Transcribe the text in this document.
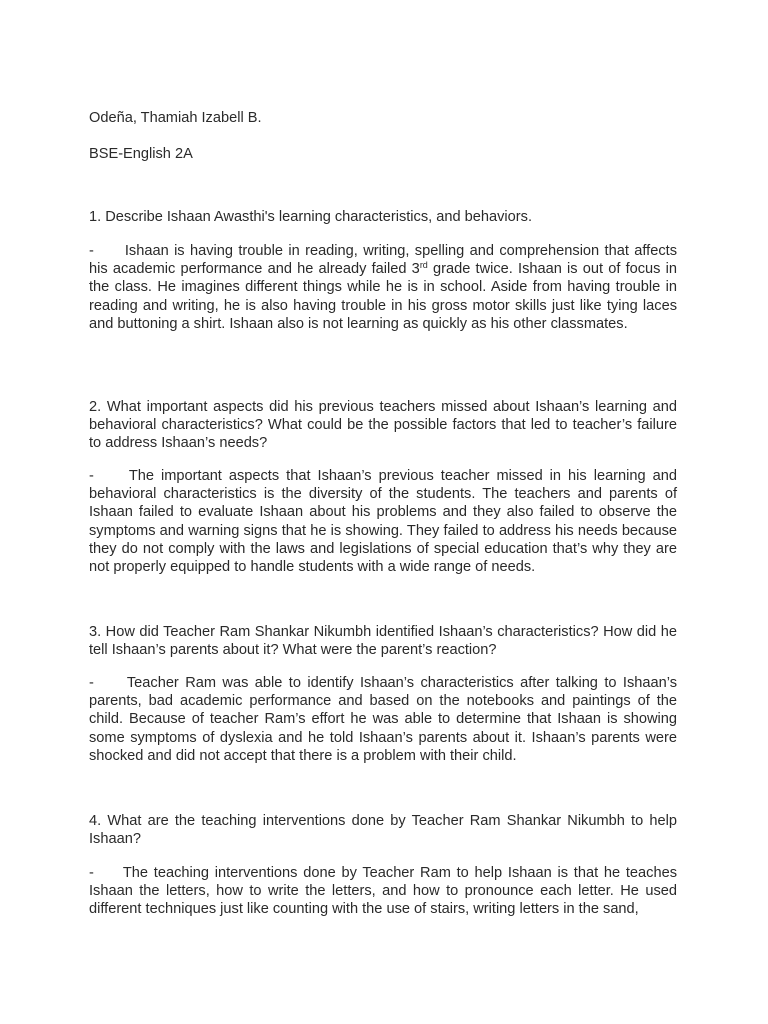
Odeña, Thamiah Izabell B.
BSE-English 2A
1. Describe Ishaan Awasthi's learning characteristics, and behaviors.
- Ishaan is having trouble in reading, writing, spelling and comprehension that affects his academic performance and he already failed 3rd grade twice. Ishaan is out of focus in the class. He imagines different things while he is in school. Aside from having trouble in reading and writing, he is also having trouble in his gross motor skills just like tying laces and buttoning a shirt. Ishaan also is not learning as quickly as his other classmates.
2. What important aspects did his previous teachers missed about Ishaan’s learning and behavioral characteristics? What could be the possible factors that led to teacher’s failure to address Ishaan’s needs?
- The important aspects that Ishaan’s previous teacher missed in his learning and behavioral characteristics is the diversity of the students. The teachers and parents of Ishaan failed to evaluate Ishaan about his problems and they also failed to observe the symptoms and warning signs that he is showing. They failed to address his needs because they do not comply with the laws and legislations of special education that’s why they are not properly equipped to handle students with a wide range of needs.
3. How did Teacher Ram Shankar Nikumbh identified Ishaan’s characteristics? How did he tell Ishaan’s parents about it? What were the parent’s reaction?
- Teacher Ram was able to identify Ishaan’s characteristics after talking to Ishaan’s parents, bad academic performance and based on the notebooks and paintings of the child. Because of teacher Ram’s effort he was able to determine that Ishaan is showing some symptoms of dyslexia and he told Ishaan’s parents about it. Ishaan’s parents were shocked and did not accept that there is a problem with their child.
4. What are the teaching interventions done by Teacher Ram Shankar Nikumbh to help Ishaan?
- The teaching interventions done by Teacher Ram to help Ishaan is that he teaches Ishaan the letters, how to write the letters, and how to pronounce each letter. He used different techniques just like counting with the use of stairs, writing letters in the sand,
